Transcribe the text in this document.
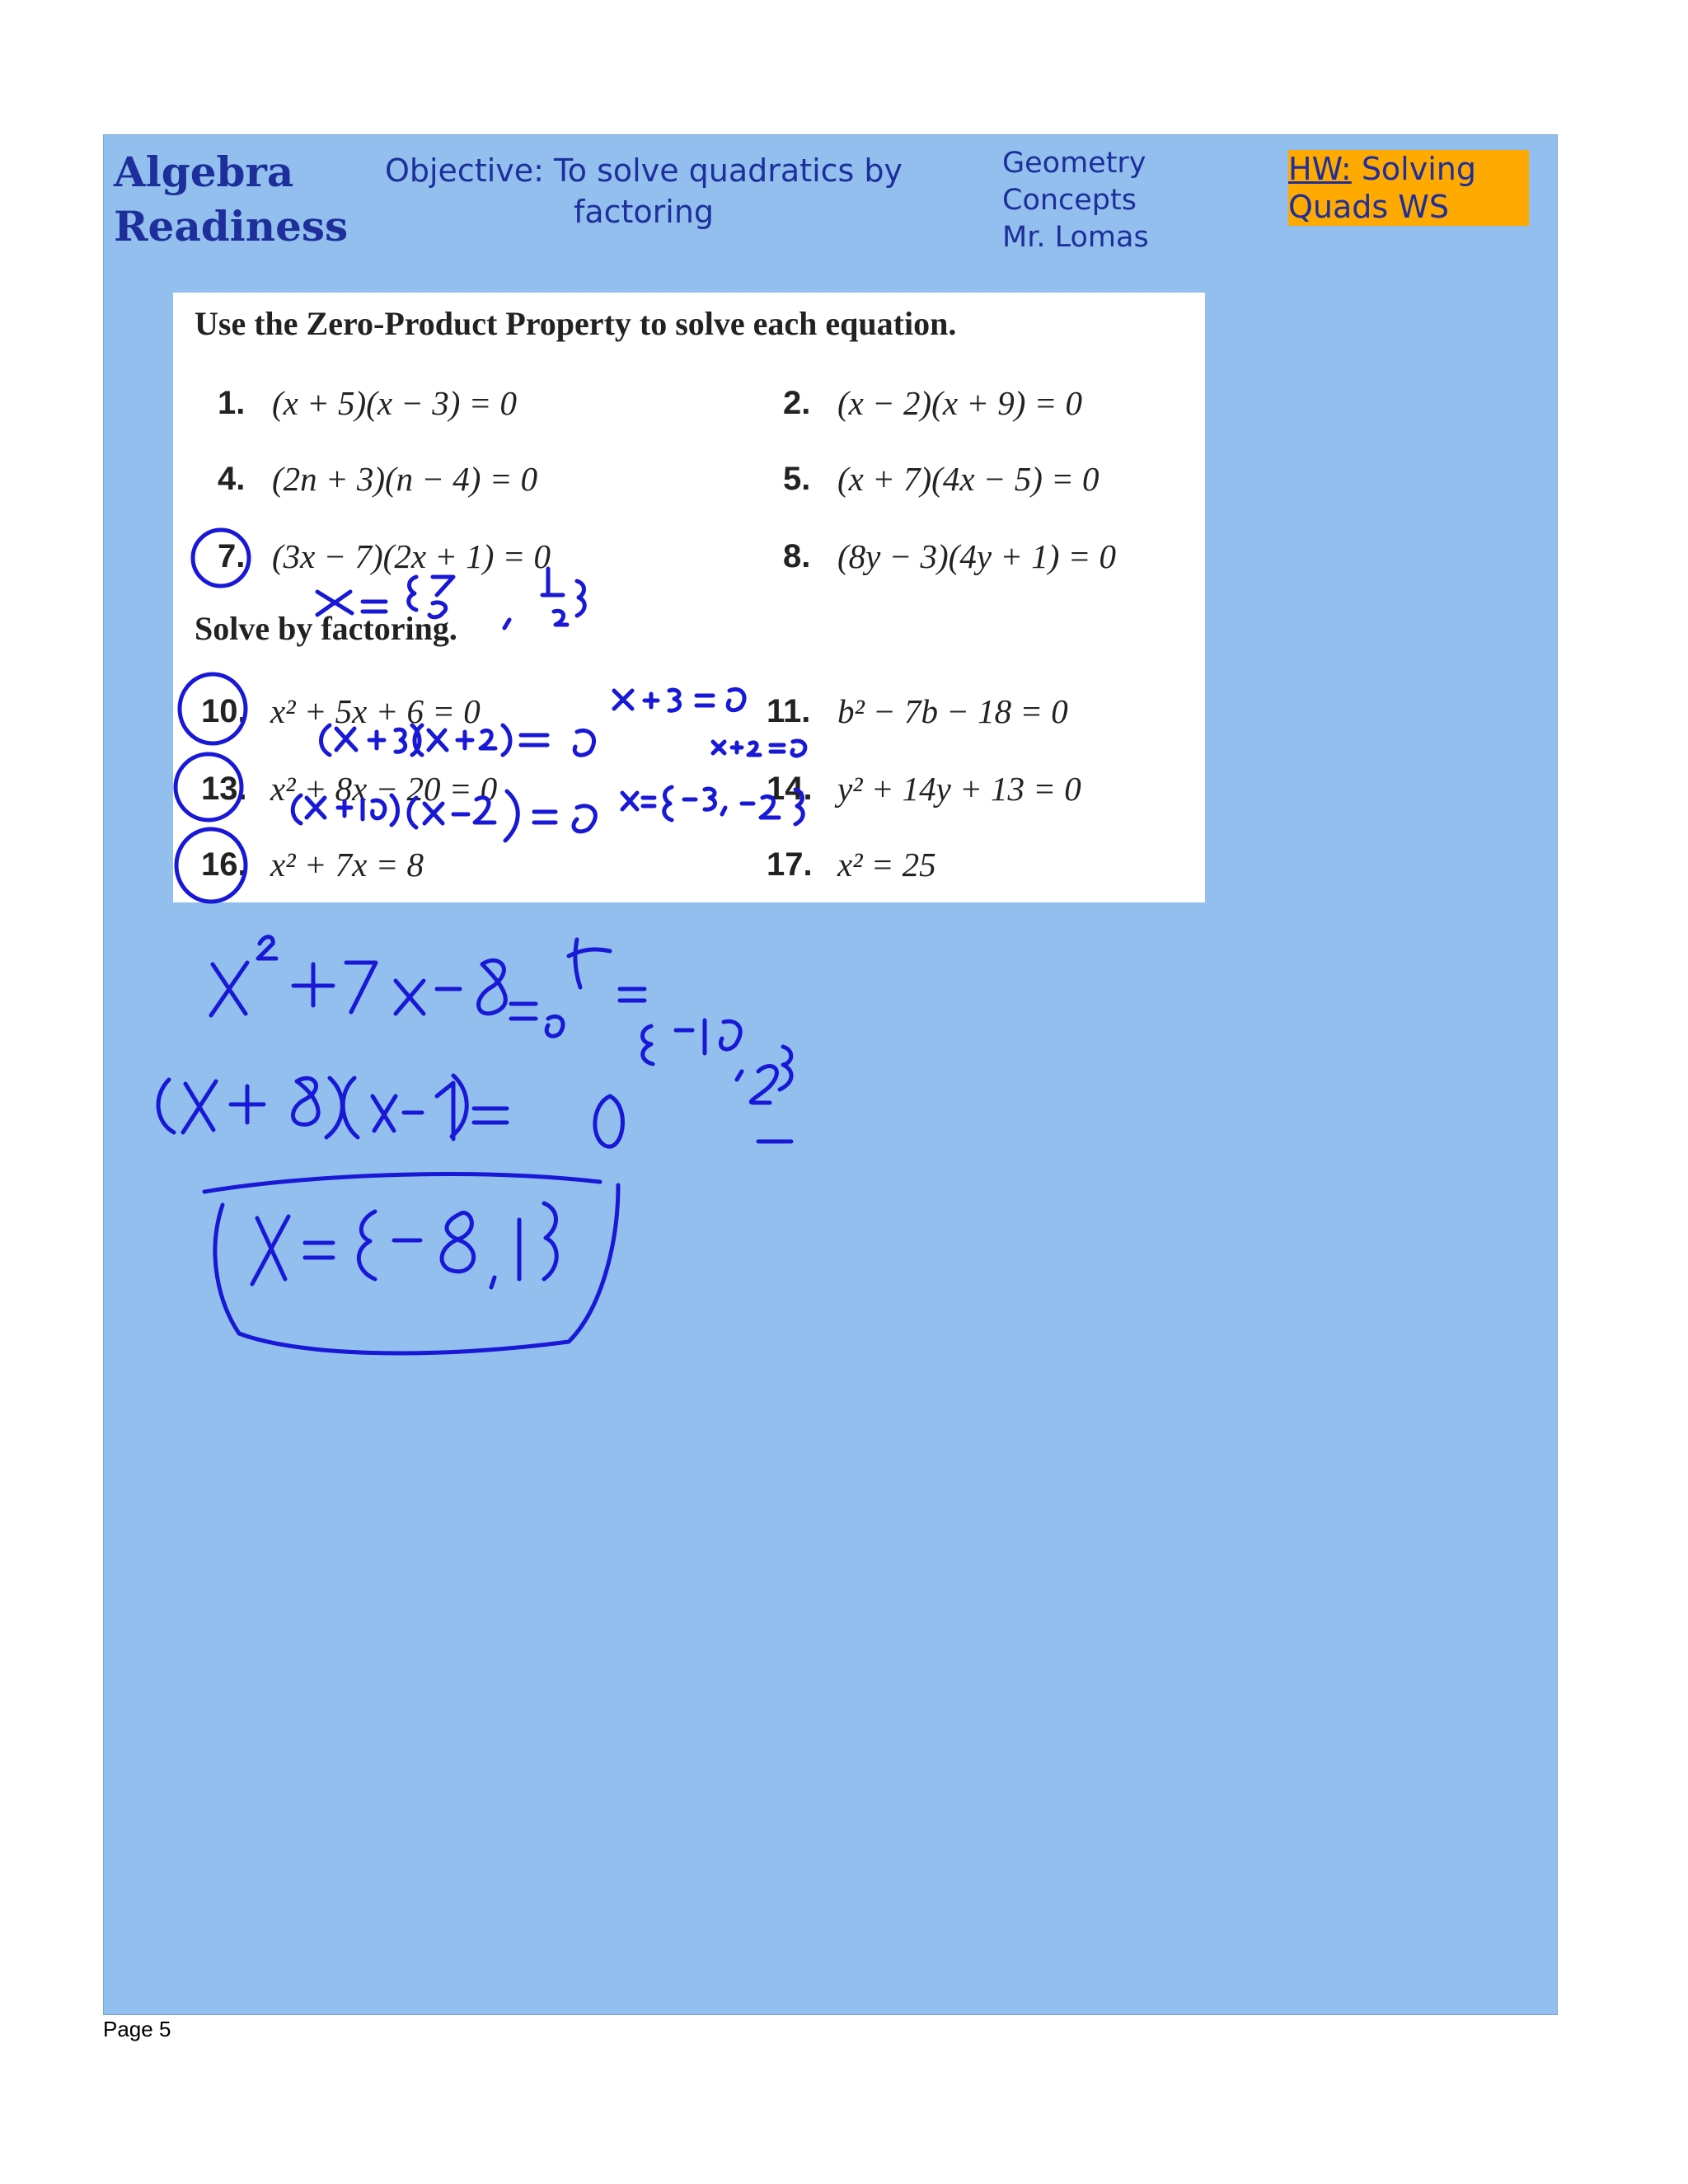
Algebra
Readiness
Objective: To solve quadratics by
factoring
Geometry
Concepts
Mr. Lomas
HW: Solving
Quads WS
Use the Zero-Product Property to solve each equation.
1. (x + 5)(x − 3) = 0	2. (x − 2)(x + 9) = 0
4. (2n + 3)(n − 4) = 0	5. (x + 7)(4x − 5) = 0
7. (3x − 7)(2x + 1) = 0	8. (8y − 3)(4y + 1) = 0
Solve by factoring.
10. x² + 5x + 6 = 0	11. b² − 7b − 18 = 0
13. x² + 8x − 20 = 0	14. y² + 14y + 13 = 0
16. x² + 7x = 8	17. x² = 25
Page 5
